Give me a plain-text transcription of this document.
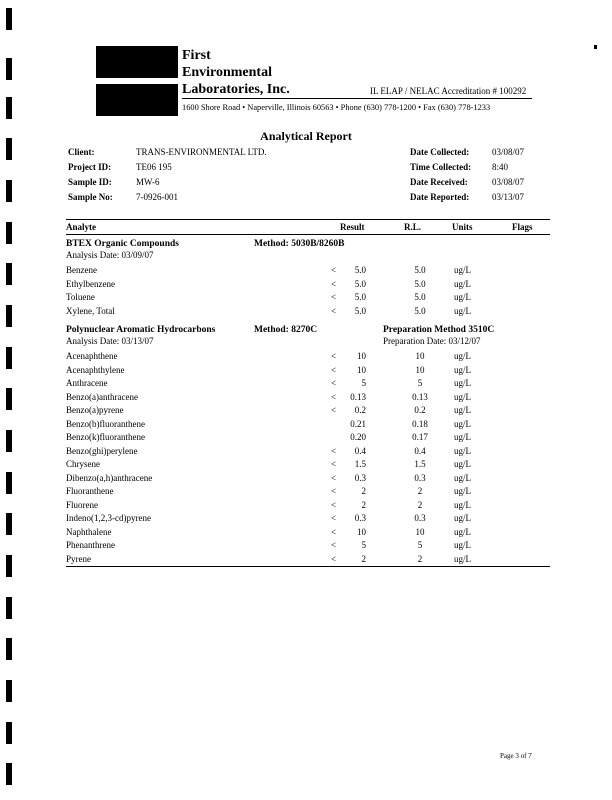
First
Environmental
Laboratories, Inc.	IL ELAP / NELAC Accreditation # 100292
1600 Shore Road • Naperville, Illinois 60563 • Phone (630) 778-1200 • Fax (630) 778-1233
Analytical Report
Client:	TRANS-ENVIRONMENTAL LTD.
Project ID:	TE06 195
Sample ID:	MW-6
Sample No:	7-0926-001
Date Collected:	03/08/07
Time Collected: 8:40
Date Received:	03/08/07
Date Reported:	03/13/07
Analyte	Result	R.L.	Units	Flags
BTEX Organic Compounds	Method: 5030B/8260B
Analysis Date: 03/09/07
Benzene	<	5.0	5.0	ug/L
Ethylbenzene	<	5.0	5.0	ug/L
Toluene	<	5.0	5.0	ug/L
Xylene, Total	<	5.0	5.0	ug/L
Polynuclear Aromatic Hydrocarbons	Method: 8270C	Preparation Method 3510C
Analysis Date: 03/13/07	Preparation Date: 03/12/07
Acenaphthene	<	10	10	ug/L
Acenaphthylene	<	10	10	ug/L
Anthracene	<	5	5	ug/L
Benzo(a)anthracene	<	0.13	0.13	ug/L
Benzo(a)pyrene	<	0.2	0.2	ug/L
Benzo(b)fluoranthene	0.21	0.18	ug/L
Benzo(k)fluoranthene	0.20	0.17	ug/L
Benzo(ghi)perylene	<	0.4	0.4	ug/L
Chrysene	<	1.5	1.5	ug/L
Dibenzo(a,h)anthracene	<	0.3	0.3	ug/L
Fluoranthene	<	2	2	ug/L
Fluorene	<	2	2	ug/L
Indeno(1,2,3-cd)pyrene	<	0.3	0.3	ug/L
Naphthalene	<	10	10	ug/L
Phenanthrene	<	5	5	ug/L
Pyrene	<	2	2	ug/L
Page 3 of 7
